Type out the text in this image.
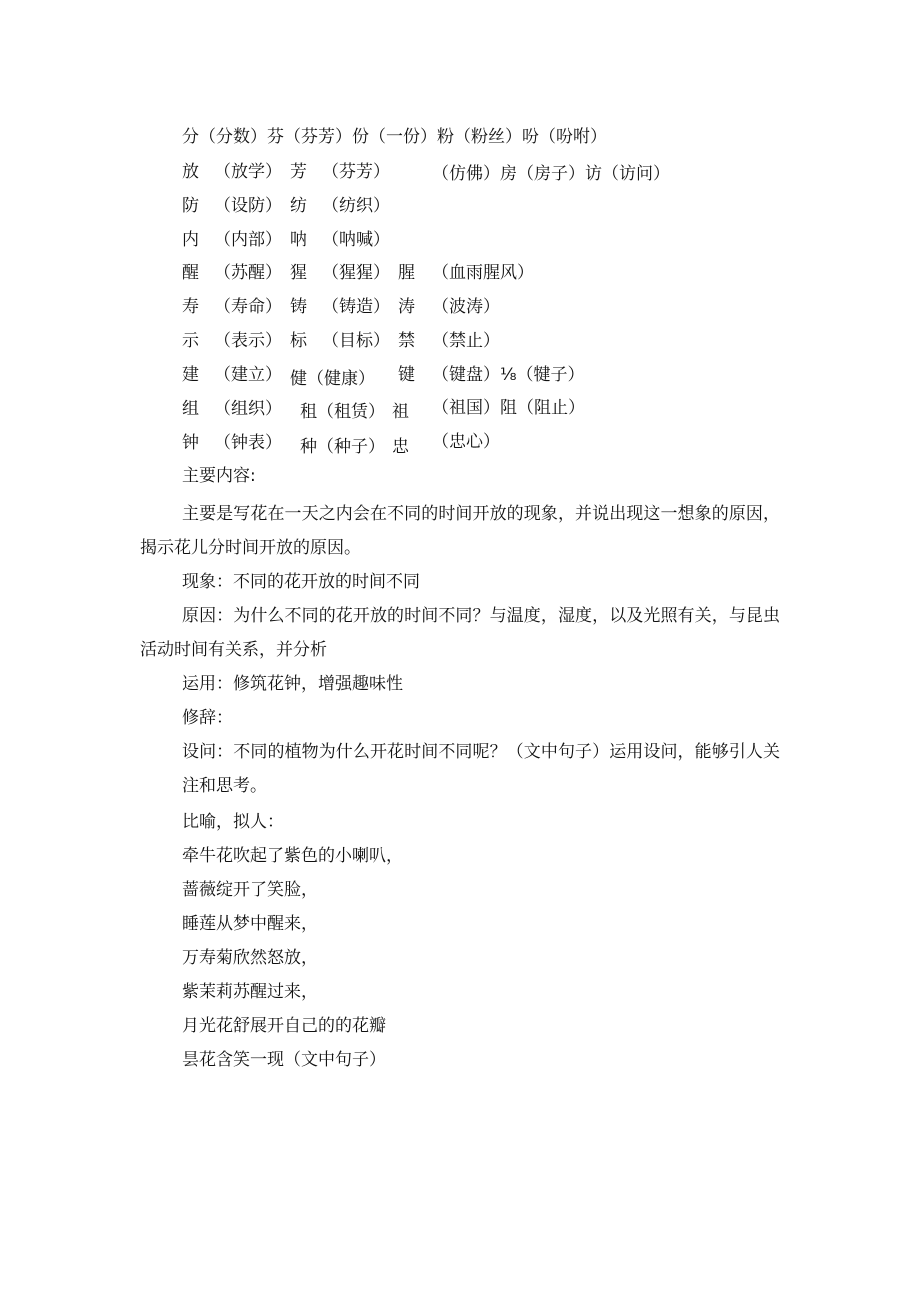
分（分数）芬（芬芳）份（一份）粉（粉丝）吩（吩咐）
放 （放学） 芳 （芬芳） （仿佛）房（房子）访（访问）
防 （设防） 纺 （纺织）
内 （内部） 呐 （呐喊）
醒 （苏醒） 猩 （猩猩） 腥 （血雨腥风）
寿 （寿命） 铸 （铸造） 涛 （波涛）
示 （表示） 标 （目标） 禁 （禁止）
建 （建立） 健（健康） 键 （键盘）⅛（犍子）
组 （组织） 租（租赁） 祖 （祖国）阻（阻止）
钟 （钟表） 种（种子） 忠 （忠心）
主要内容:

主要是写花在一天之内会在不同的时间开放的现象，并说出现这一想象的原因，揭示花儿分时间开放的原因。

现象：不同的花开放的时间不同

原因：为什么不同的花开放的时间不同？与温度，湿度，以及光照有关，与昆虫活动时间有关系，并分析

运用：修筑花钟，增强趣味性
修辞：

设问：不同的植物为什么开花时间不同呢？（文中句子）运用设问，能够引人关注和思考。

比喻，拟人：
牵牛花吹起了紫色的小喇叭，
蔷薇绽开了笑脸，
睡莲从梦中醒来，
万寿菊欣然怒放，
紫茉莉苏醒过来，
月光花舒展开自己的的花瓣
昙花含笑一现（文中句子）
